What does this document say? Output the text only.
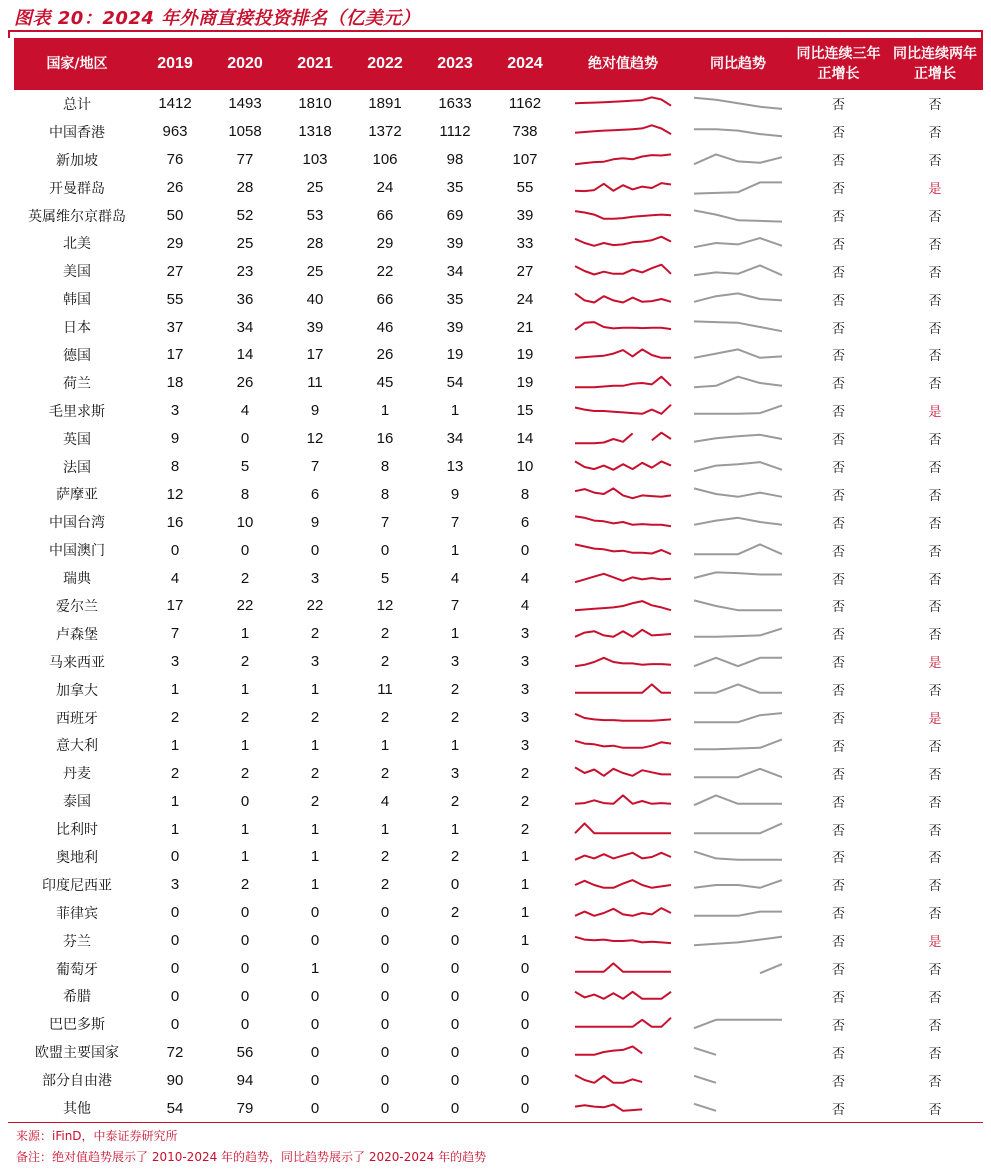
图表 20：2024 年外商直接投资排名（亿美元）
国家/地区	2019	2020	2021	2022	2023	2024	绝对值趋势	同比趋势	同比连续三年正增长	同比连续两年正增长
总计	1412	1493	1810	1891	1633	1162			否	否
中国香港	963	1058	1318	1372	1112	738			否	否
新加坡	76	77	103	106	98	107			否	否
开曼群岛	26	28	25	24	35	55			否	是
英属维尔京群岛	50	52	53	66	69	39			否	否
北美	29	25	28	29	39	33			否	否
美国	27	23	25	22	34	27			否	否
韩国	55	36	40	66	35	24			否	否
日本	37	34	39	46	39	21			否	否
德国	17	14	17	26	19	19			否	否
荷兰	18	26	11	45	54	19			否	否
毛里求斯	3	4	9	1	1	15			否	是
英国	9	0	12	16	34	14			否	否
法国	8	5	7	8	13	10			否	否
萨摩亚	12	8	6	8	9	8			否	否
中国台湾	16	10	9	7	7	6			否	否
中国澳门	0	0	0	0	1	0			否	否
瑞典	4	2	3	5	4	4			否	否
爱尔兰	17	22	22	12	7	4			否	否
卢森堡	7	1	2	2	1	3			否	否
马来西亚	3	2	3	2	3	3			否	是
加拿大	1	1	1	11	2	3			否	否
西班牙	2	2	2	2	2	3			否	是
意大利	1	1	1	1	1	3			否	否
丹麦	2	2	2	2	3	2			否	否
泰国	1	0	2	4	2	2			否	否
比利时	1	1	1	1	1	2			否	否
奥地利	0	1	1	2	2	1			否	否
印度尼西亚	3	2	1	2	0	1			否	否
菲律宾	0	0	0	0	2	1			否	否
芬兰	0	0	0	0	0	1			否	是
葡萄牙	0	0	1	0	0	0			否	否
希腊	0	0	0	0	0	0			否	否
巴巴多斯	0	0	0	0	0	0			否	否
欧盟主要国家	72	56	0	0	0	0			否	否
部分自由港	90	94	0	0	0	0			否	否
其他	54	79	0	0	0	0			否	否
来源：iFinD，中泰证券研究所
备注：绝对值趋势展示了 2010-2024 年的趋势，同比趋势展示了 2020-2024 年的趋势
